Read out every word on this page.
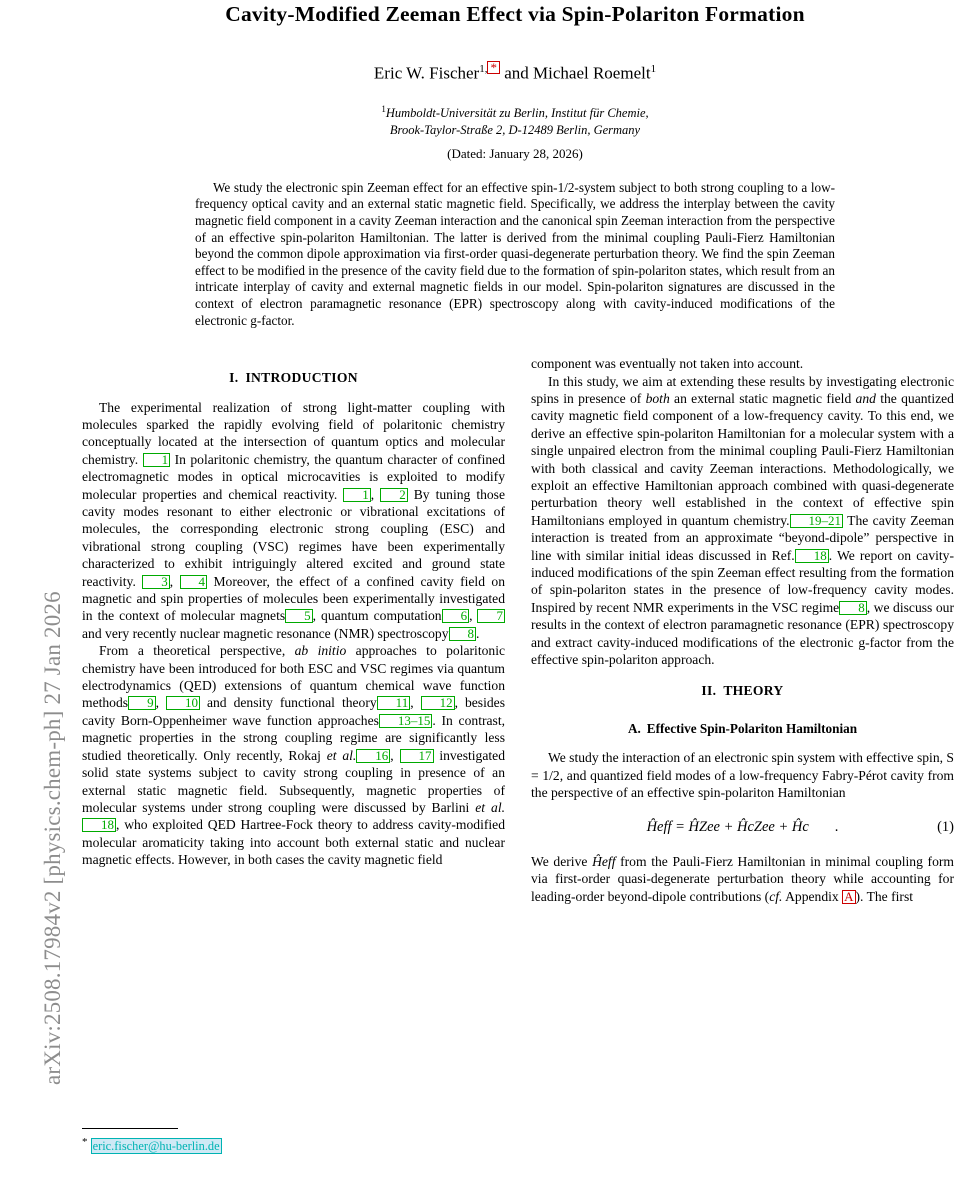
arXiv:2508.17984v2 [physics.chem-ph] 27 Jan 2026
Cavity-Modified Zeeman Effect via Spin-Polariton Formation
Eric W. Fischer$^{1,}$ * and Michael Roemelt$^1$
$^1$Humboldt-Universität zu Berlin, Institut für Chemie,
Brook-Taylor-Straße 2, D-12489 Berlin, Germany
(Dated: January 28, 2026)
We study the electronic spin Zeeman effect for an effective spin-1/2-system subject to both strong coupling to a low-frequency optical cavity and an external static magnetic field. Specifically, we address the interplay between the cavity magnetic field component in a cavity Zeeman interaction and the canonical spin Zeeman interaction from the perspective of an effective spin-polariton Hamiltonian. The latter is derived from the minimal coupling Pauli-Fierz Hamiltonian beyond the common dipole approximation via first-order quasi-degenerate perturbation theory. We find the spin Zeeman effect to be modified in the presence of the cavity field due to the formation of spin-polariton states, which result from an intricate interplay of cavity and external magnetic fields in our model. Spin-polariton signatures are discussed in the context of electron paramagnetic resonance (EPR) spectroscopy along with cavity-induced modifications of the electronic g-factor.
I. INTRODUCTION

The experimental realization of strong light-matter coupling with molecules sparked the rapidly evolving field of polaritonic chemistry conceptually located at the intersection of quantum optics and molecular chemistry. 1 In polaritonic chemistry, the quantum character of confined electromagnetic modes in optical microcavities is exploited to modify molecular properties and chemical reactivity. 1 , 2 By tuning those cavity modes resonant to either electronic or vibrational excitations of molecules, the corresponding electronic strong coupling (ESC) and vibrational strong coupling (VSC) regimes have been experimentally characterized to exhibit intriguingly altered excited and ground state reactivity. 3 , 4 Moreover, the effect of a confined cavity field on magnetic and spin properties of molecules been experimentally investigated in the context of molecular magnets 5 , quantum computation 6 , 7 and very recently nuclear magnetic resonance (NMR) spectroscopy 8 .

From a theoretical perspective, ab initio approaches to polaritonic chemistry have been introduced for both ESC and VSC regimes via quantum electrodynamics (QED) extensions of quantum chemical wave function methods 9 , 10 and density functional theory 11 , 12 , besides cavity Born-Oppenheimer wave function approaches 13–15 . In contrast, magnetic properties in the strong coupling regime are significantly less studied theoretically. Only recently, Rokaj et al. 16 , 17 investigated solid state systems subject to cavity strong coupling in presence of an external static magnetic field. Subsequently, magnetic properties of molecular systems under strong coupling were discussed by Barlini et al.18 , who exploited QED Hartree-Fock theory to address cavity-modified molecular aromaticity taking into account both external static and nuclear magnetic effects. However, in both cases the cavity magnetic field

* eric.fischer@hu-berlin.de

component was eventually not taken into account.

In this study, we aim at extending these results by investigating electronic spins in presence of both an external static magnetic field and the quantized cavity magnetic field component of a low-frequency cavity. To this end, we derive an effective spin-polariton Hamiltonian for a molecular system with a single unpaired electron from the minimal coupling Pauli-Fierz Hamiltonian with both classical and cavity Zeeman interactions. Methodologically, we exploit an effective Hamiltonian approach combined with quasi-degenerate perturbation theory well established in the context of effective spin Hamiltonians employed in quantum chemistry. 19–21 The cavity Zeeman interaction is treated from an approximate “beyond-dipole” perspective in line with similar initial ideas discussed in Ref. 18 . We report on cavity-induced modifications of the spin Zeeman effect resulting from the formation of spin-polariton states in the presence of low-frequency cavity modes. Inspired by recent NMR experiments in the VSC regime 8 , we discuss our results in the context of electron paramagnetic resonance (EPR) spectroscopy and extract cavity-induced modifications of the electronic g-factor from the effective spin-polariton approach.

II. THEORY
A. Effective Spin-Polariton Hamiltonian

We study the interaction of an electronic spin system with effective spin, S = 1/2, and quantized field modes of a low-frequency Fabry-Pérot cavity from the perspective of an effective spin-polariton Hamiltonian

Ĥeff = ĤZee + ĤcZee + Ĥc .	(1)

We derive Ĥeff from the Pauli-Fierz Hamiltonian in minimal coupling form via first-order quasi-degenerate perturbation theory while accounting for leading-order beyond-dipole contributions (cf. Appendix A ). The first
